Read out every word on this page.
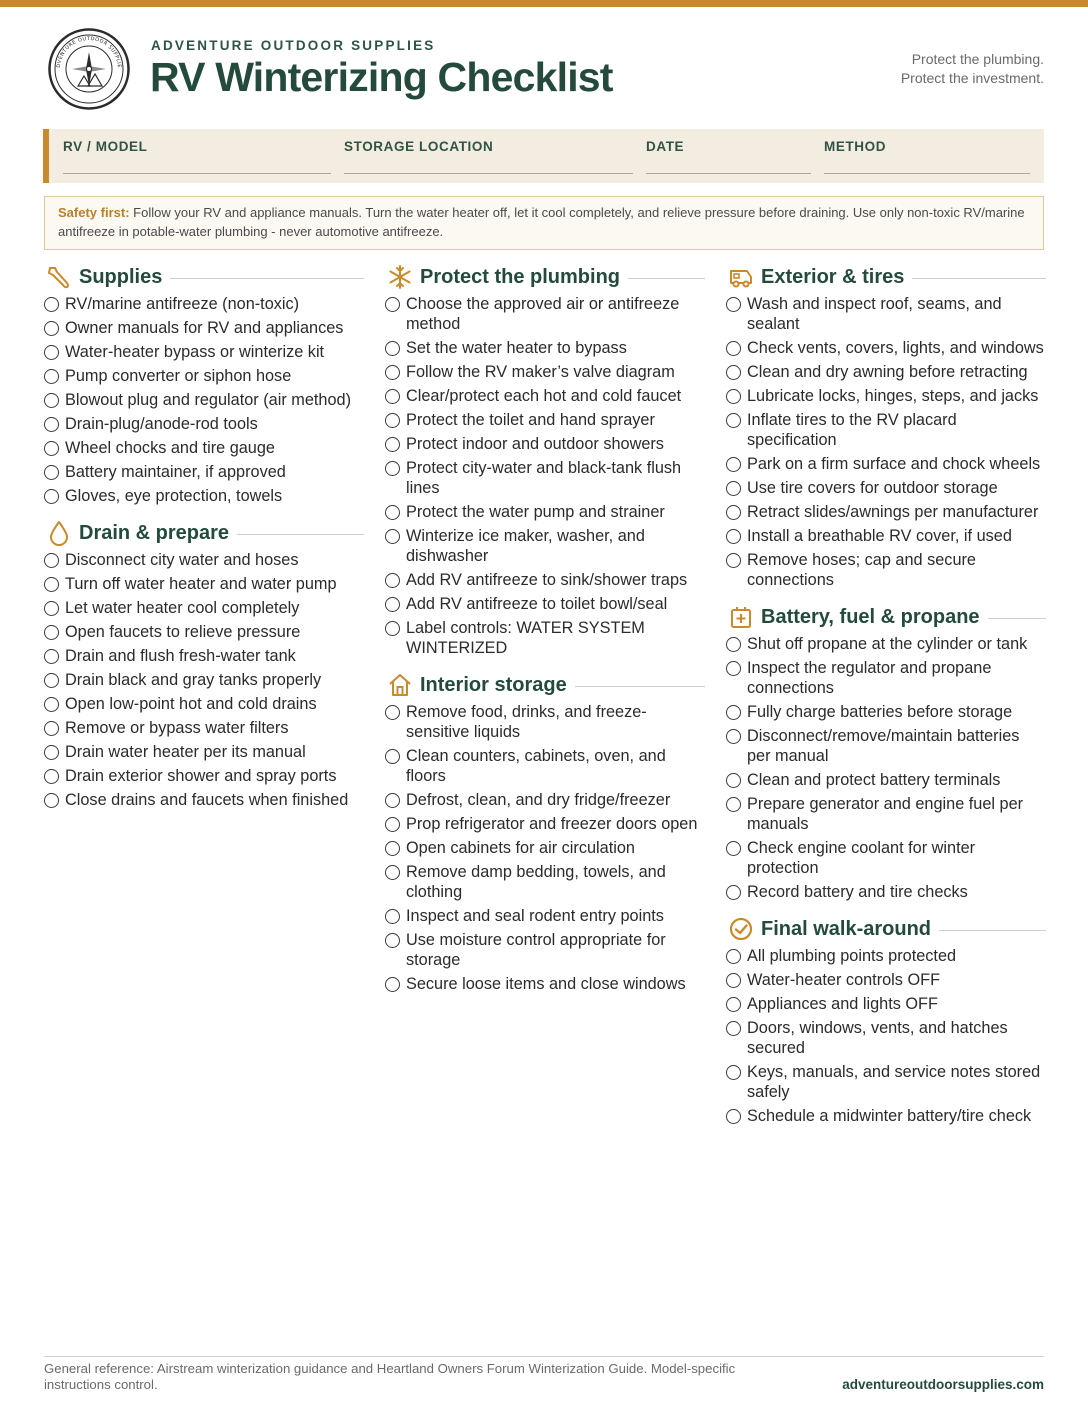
DVENTURE OUTDOOR SUPPLIE
ADVENTURE OUTDOOR SUPPLIES
RV Winterizing Checklist	Protect the plumbing.
Protect the investment.
RV / MODEL	STORAGE LOCATION	DATE	METHOD
Safety first: Follow your RV and appliance manuals. Turn the water heater off, let it cool completely, and relieve pressure before draining. Use only non-toxic RV/marine antifreeze in potable-water plumbing - never automotive antifreeze.
Supplies
RV/marine antifreeze (non-toxic)
Owner manuals for RV and appliances
Water-heater bypass or winterize kit
Pump converter or siphon hose
Blowout plug and regulator (air method)
Drain-plug/anode-rod tools
Wheel chocks and tire gauge
Battery maintainer, if approved
Gloves, eye protection, towels
Drain & prepare
Disconnect city water and hoses
Turn off water heater and water pump
Let water heater cool completely
Open faucets to relieve pressure
Drain and flush fresh-water tank
Drain black and gray tanks properly
Open low-point hot and cold drains
Remove or bypass water filters
Drain water heater per its manual
Drain exterior shower and spray ports
Close drains and faucets when finished
Protect the plumbing
Choose the approved air or antifreeze method
Set the water heater to bypass
Follow the RV maker’s valve diagram
Clear/protect each hot and cold faucet
Protect the toilet and hand sprayer
Protect indoor and outdoor showers
Protect city-water and black-tank flush lines
Protect the water pump and strainer
Winterize ice maker, washer, and dishwasher
Add RV antifreeze to sink/shower traps
Add RV antifreeze to toilet bowl/seal
Label controls: WATER SYSTEM WINTERIZED
Interior storage
Remove food, drinks, and freeze-sensitive liquids
Clean counters, cabinets, oven, and floors
Defrost, clean, and dry fridge/freezer
Prop refrigerator and freezer doors open
Open cabinets for air circulation
Remove damp bedding, towels, and clothing
Inspect and seal rodent entry points
Use moisture control appropriate for storage
Secure loose items and close windows
Exterior & tires
Wash and inspect roof, seams, and sealant
Check vents, covers, lights, and windows
Clean and dry awning before retracting
Lubricate locks, hinges, steps, and jacks
Inflate tires to the RV placard specification
Park on a firm surface and chock wheels
Use tire covers for outdoor storage
Retract slides/awnings per manufacturer
Install a breathable RV cover, if used
Remove hoses; cap and secure connections
Battery, fuel & propane
Shut off propane at the cylinder or tank
Inspect the regulator and propane connections
Fully charge batteries before storage
Disconnect/remove/maintain batteries per manual
Clean and protect battery terminals
Prepare generator and engine fuel per manuals
Check engine coolant for winter protection
Record battery and tire checks
Final walk-around
All plumbing points protected
Water-heater controls OFF
Appliances and lights OFF
Doors, windows, vents, and hatches secured
Keys, manuals, and service notes stored safely
Schedule a midwinter battery/tire check
General reference: Airstream winterization guidance and Heartland Owners Forum Winterization Guide. Model-specific instructions control.	adventureoutdoorsupplies.com
